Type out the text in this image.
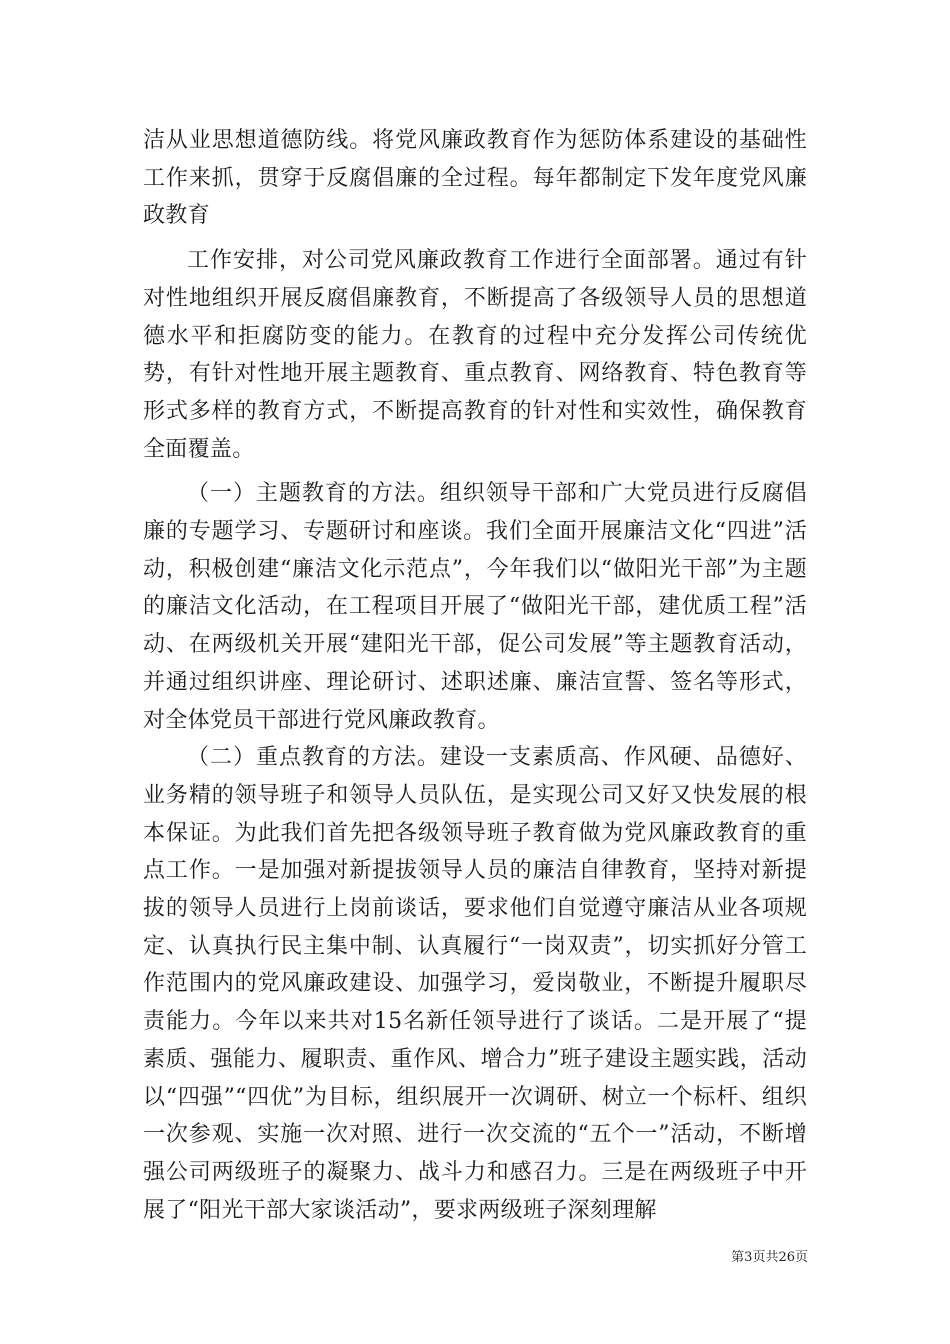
洁从业思想道德防线。将党风廉政教育作为惩防体系建设的基础性工作来抓，贯穿于反腐倡廉的全过程。每年都制定下发年度党风廉政教育

工作安排，对公司党风廉政教育工作进行全面部署。通过有针对性地组织开展反腐倡廉教育，不断提高了各级领导人员的思想道德水平和拒腐防变的能力。在教育的过程中充分发挥公司传统优势，有针对性地开展主题教育、重点教育、网络教育、特色教育等形式多样的教育方式，不断提高教育的针对性和实效性，确保教育全面覆盖。

（一）主题教育的方法。组织领导干部和广大党员进行反腐倡廉的专题学习、专题研讨和座谈。我们全面开展廉洁文化“四进”活动，积极创建“廉洁文化示范点”，今年我们以“做阳光干部”为主题的廉洁文化活动，在工程项目开展了“做阳光干部，建优质工程”活动、在两级机关开展“建阳光干部，促公司发展”等主题教育活动，并通过组织讲座、理论研讨、述职述廉、廉洁宣誓、签名等形式，对全体党员干部进行党风廉政教育。

（二）重点教育的方法。建设一支素质高、作风硬、品德好、业务精的领导班子和领导人员队伍，是实现公司又好又快发展的根本保证。为此我们首先把各级领导班子教育做为党风廉政教育的重点工作。一是加强对新提拔领导人员的廉洁自律教育，坚持对新提拔的领导人员进行上岗前谈话，要求他们自觉遵守廉洁从业各项规定、认真执行民主集中制、认真履行“一岗双责”，切实抓好分管工作范围内的党风廉政建设、加强学习，爱岗敬业，不断提升履职尽责能力。今年以来共对15名新任领导进行了谈话。二是开展了“提素质、强能力、履职责、重作风、增合力”班子建设主题实践，活动以“四强”“四优”为目标，组织展开一次调研、树立一个标杆、组织一次参观、实施一次对照、进行一次交流的“五个一”活动，不断增强公司两级班子的凝聚力、战斗力和感召力。三是在两级班子中开展了“阳光干部大家谈活动”，要求两级班子深刻理解

第3页共26页
